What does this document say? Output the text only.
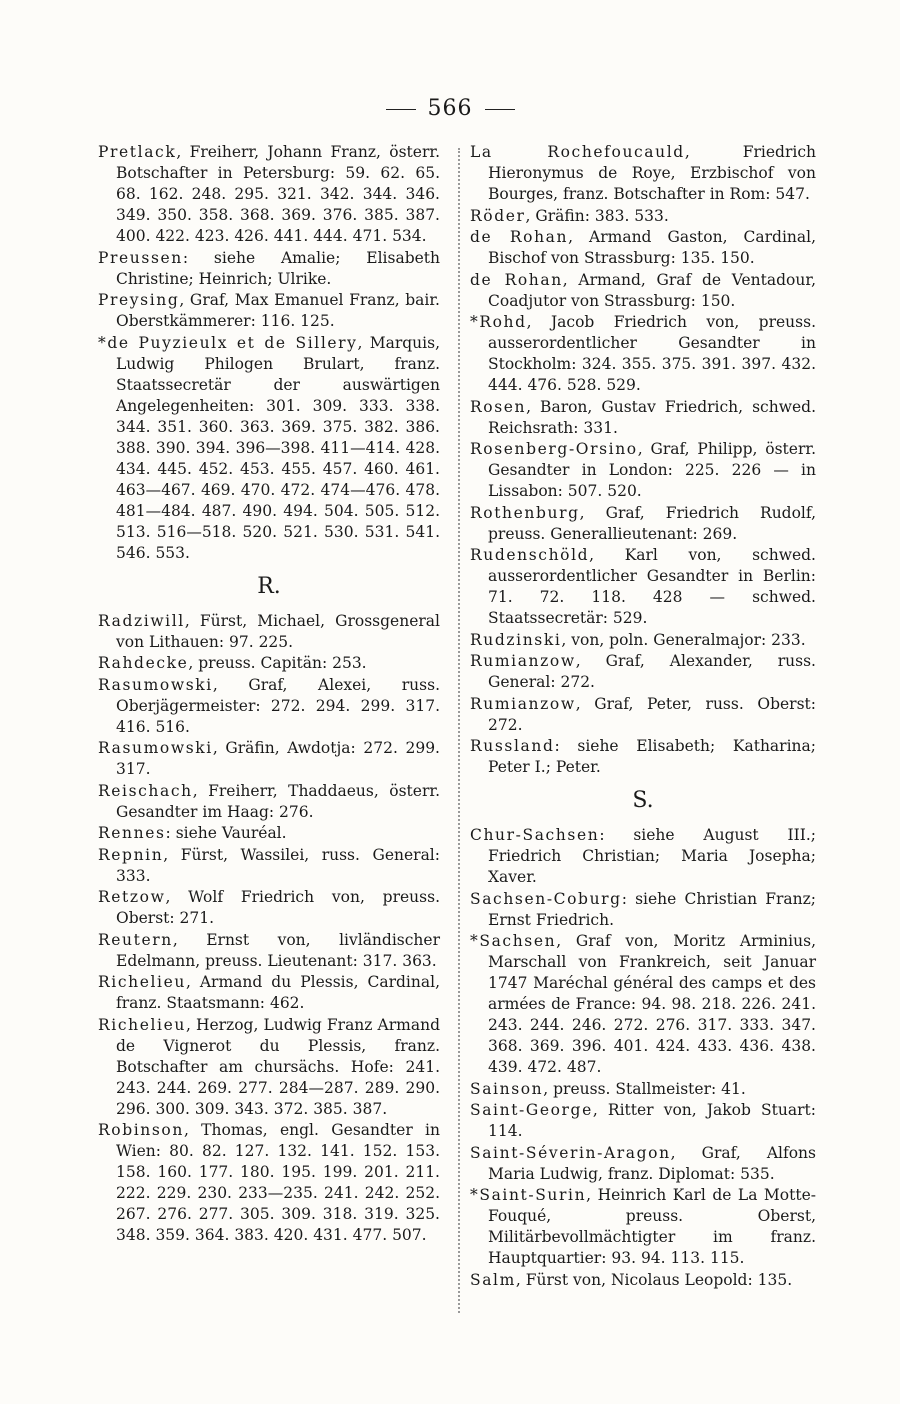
566

Pretlack, Freiherr, Johann Franz, österr. Botschafter in Petersburg: 59. 62. 65. 68. 162. 248. 295. 321. 342. 344. 346. 349. 350. 358. 368. 369. 376. 385. 387. 400. 422. 423. 426. 441. 444. 471. 534.

Preussen: siehe Amalie; Elisabeth Christine; Heinrich; Ulrike.

Preysing, Graf, Max Emanuel Franz, bair. Oberstkämmerer: 116. 125.

*de Puyzieulx et de Sillery, Marquis, Ludwig Philogen Brulart, franz. Staatssecretär der auswärtigen Angelegenheiten: 301. 309. 333. 338. 344. 351. 360. 363. 369. 375. 382. 386. 388. 390. 394. 396—398. 411—414. 428. 434. 445. 452. 453. 455. 457. 460. 461. 463—467. 469. 470. 472. 474—476. 478. 481—484. 487. 490. 494. 504. 505. 512. 513. 516—518. 520. 521. 530. 531. 541. 546. 553.

R.

Radziwill, Fürst, Michael, Grossgeneral von Lithauen: 97. 225.

Rahdecke, preuss. Capitän: 253.

Rasumowski, Graf, Alexei, russ. Oberjägermeister: 272. 294. 299. 317. 416. 516.

Rasumowski, Gräfin, Awdotja: 272. 299. 317.

Reischach, Freiherr, Thaddaeus, österr. Gesandter im Haag: 276.

Rennes: siehe Vauréal.

Repnin, Fürst, Wassilei, russ. General: 333.

Retzow, Wolf Friedrich von, preuss. Oberst: 271.

Reutern, Ernst von, livländischer Edelmann, preuss. Lieutenant: 317. 363.

Richelieu, Armand du Plessis, Cardinal, franz. Staatsmann: 462.

Richelieu, Herzog, Ludwig Franz Armand de Vignerot du Plessis, franz. Botschafter am chursächs. Hofe: 241. 243. 244. 269. 277. 284—287. 289. 290. 296. 300. 309. 343. 372. 385. 387.

Robinson, Thomas, engl. Gesandter in Wien: 80. 82. 127. 132. 141. 152. 153. 158. 160. 177. 180. 195. 199. 201. 211. 222. 229. 230. 233—235. 241. 242. 252. 267. 276. 277. 305. 309. 318. 319. 325. 348. 359. 364. 383. 420. 431. 477. 507.

La Rochefoucauld, Friedrich Hieronymus de Roye, Erzbischof von Bourges, franz. Botschafter in Rom: 547.

Röder, Gräfin: 383. 533.

de Rohan, Armand Gaston, Cardinal, Bischof von Strassburg: 135. 150.

de Rohan, Armand, Graf de Ventadour, Coadjutor von Strassburg: 150.

*Rohd, Jacob Friedrich von, preuss. ausserordentlicher Gesandter in Stockholm: 324. 355. 375. 391. 397. 432. 444. 476. 528. 529.

Rosen, Baron, Gustav Friedrich, schwed. Reichsrath: 331.

Rosenberg-Orsino, Graf, Philipp, österr. Gesandter in London: 225. 226 — in Lissabon: 507. 520.

Rothenburg, Graf, Friedrich Rudolf, preuss. Generallieutenant: 269.

Rudenschöld, Karl von, schwed. ausserordentlicher Gesandter in Berlin: 71. 72. 118. 428 — schwed. Staatssecretär: 529.

Rudzinski, von, poln. Generalmajor: 233.

Rumianzow, Graf, Alexander, russ. General: 272.

Rumianzow, Graf, Peter, russ. Oberst: 272.

Russland: siehe Elisabeth; Katharina; Peter I.; Peter.

S.

Chur-Sachsen: siehe August III.; Friedrich Christian; Maria Josepha; Xaver.

Sachsen-Coburg: siehe Christian Franz; Ernst Friedrich.

*Sachsen, Graf von, Moritz Arminius, Marschall von Frankreich, seit Januar 1747 Maréchal général des camps et des armées de France: 94. 98. 218. 226. 241. 243. 244. 246. 272. 276. 317. 333. 347. 368. 369. 396. 401. 424. 433. 436. 438. 439. 472. 487.

Sainson, preuss. Stallmeister: 41.

Saint-George, Ritter von, Jakob Stuart: 114.

Saint-Séverin-Aragon, Graf, Alfons Maria Ludwig, franz. Diplomat: 535.

*Saint-Surin, Heinrich Karl de La Motte-Fouqué, preuss. Oberst, Militärbevollmächtigter im franz. Hauptquartier: 93. 94. 113. 115.

Salm, Fürst von, Nicolaus Leopold: 135.
